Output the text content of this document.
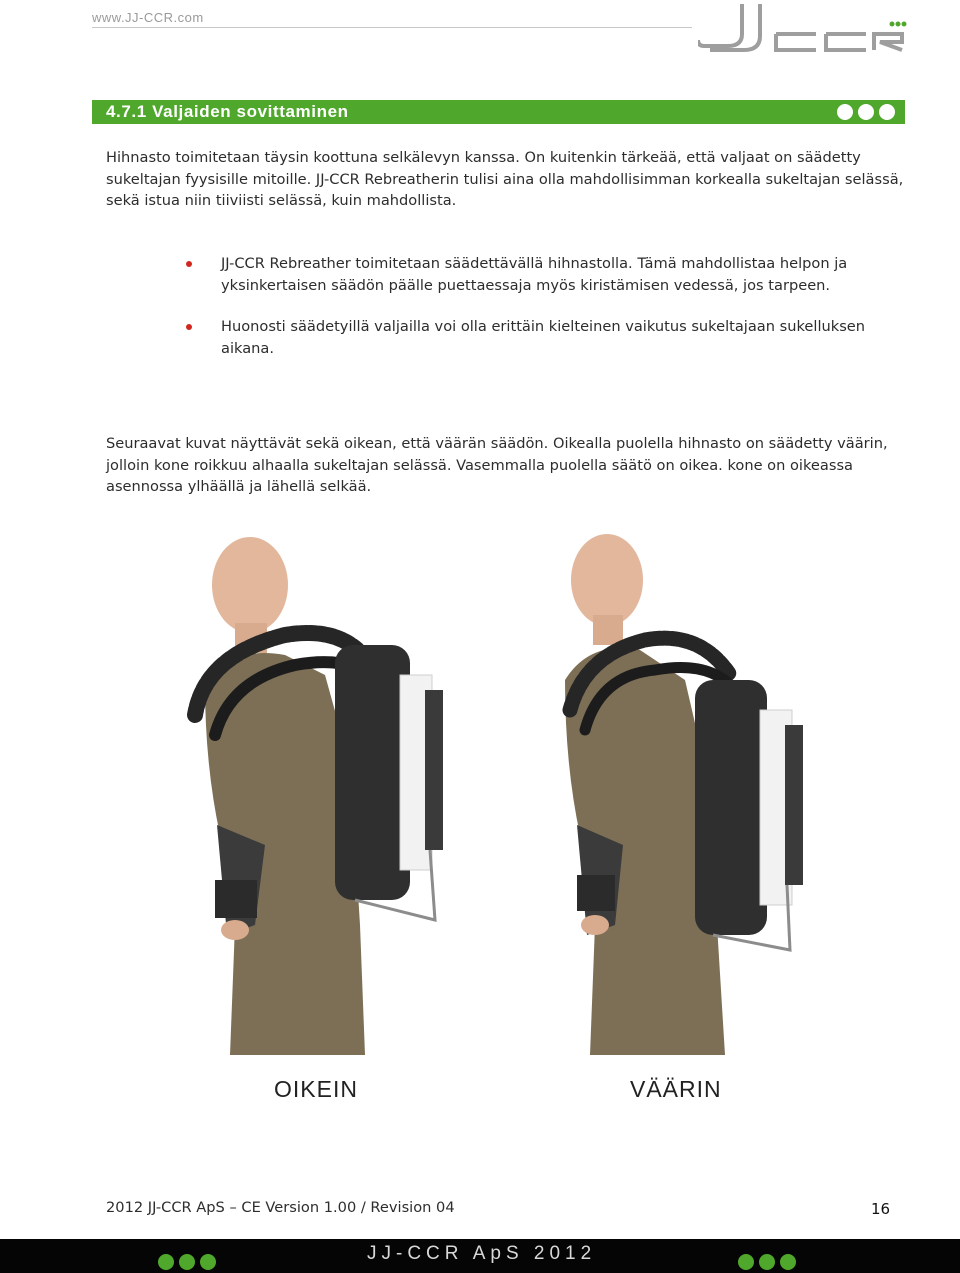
www.JJ-CCR.com
4.7.1 Valjaiden sovittaminen
Hihnasto toimitetaan täysin koottuna selkälevyn kanssa. On kuitenkin tärkeää, että valjaat on säädetty sukeltajan fyysisille mitoille. JJ-CCR Rebreatherin tulisi aina olla mahdollisimman korkealla sukeltajan selässä, sekä istua niin tiiviisti selässä, kuin mahdollista.
JJ-CCR Rebreather toimitetaan säädettävällä hihnastolla. Tämä mahdollistaa helpon ja yksinkertaisen säädön päälle puettaessaja myös kiristämisen vedessä, jos tarpeen.
Huonosti säädetyillä valjailla voi olla erittäin kielteinen vaikutus sukeltajaan sukelluksen aikana.
Seuraavat kuvat näyttävät sekä oikean, että väärän säädön. Oikealla puolella hihnasto on säädetty väärin, jolloin kone roikkuu alhaalla sukeltajan selässä. Vasemmalla puolella säätö on oikea. kone on oikeassa asennossa ylhäällä ja lähellä selkää.
OIKEIN	VÄÄRIN
2012 JJ-CCR ApS – CE Version 1.00 / Revision 04	16
JJ-CCR ApS 2012
